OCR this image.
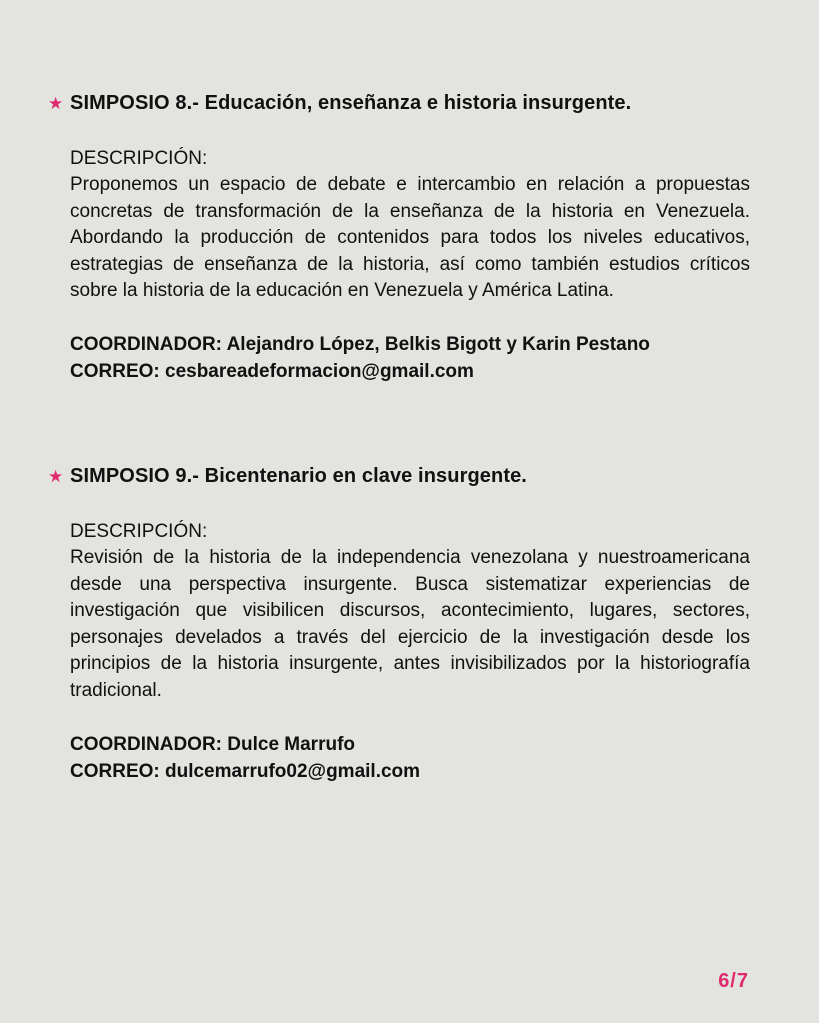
★ SIMPOSIO 8.- Educación, enseñanza e historia insurgente.
DESCRIPCIÓN:
Proponemos un espacio de debate e intercambio en relación a propuestas concretas de transformación de la enseñanza de la historia en Venezuela. Abordando la producción de contenidos para todos los niveles educativos, estrategias de enseñanza de la historia, así como también estudios críticos sobre la historia de la educación en Venezuela y América Latina.
COORDINADOR: Alejandro López, Belkis Bigott y Karin Pestano
CORREO: cesbareadeformacion@gmail.com
★ SIMPOSIO 9.- Bicentenario en clave insurgente.
DESCRIPCIÓN:
Revisión de la historia de la independencia venezolana y nuestroamericana desde una perspectiva insurgente. Busca sistematizar experiencias de investigación que visibilicen discursos, acontecimiento, lugares, sectores, personajes develados a través del ejercicio de la investigación desde los principios de la historia insurgente, antes invisibilizados por la historiografía tradicional.
COORDINADOR: Dulce Marrufo
CORREO: dulcemarrufo02@gmail.com
6/7
